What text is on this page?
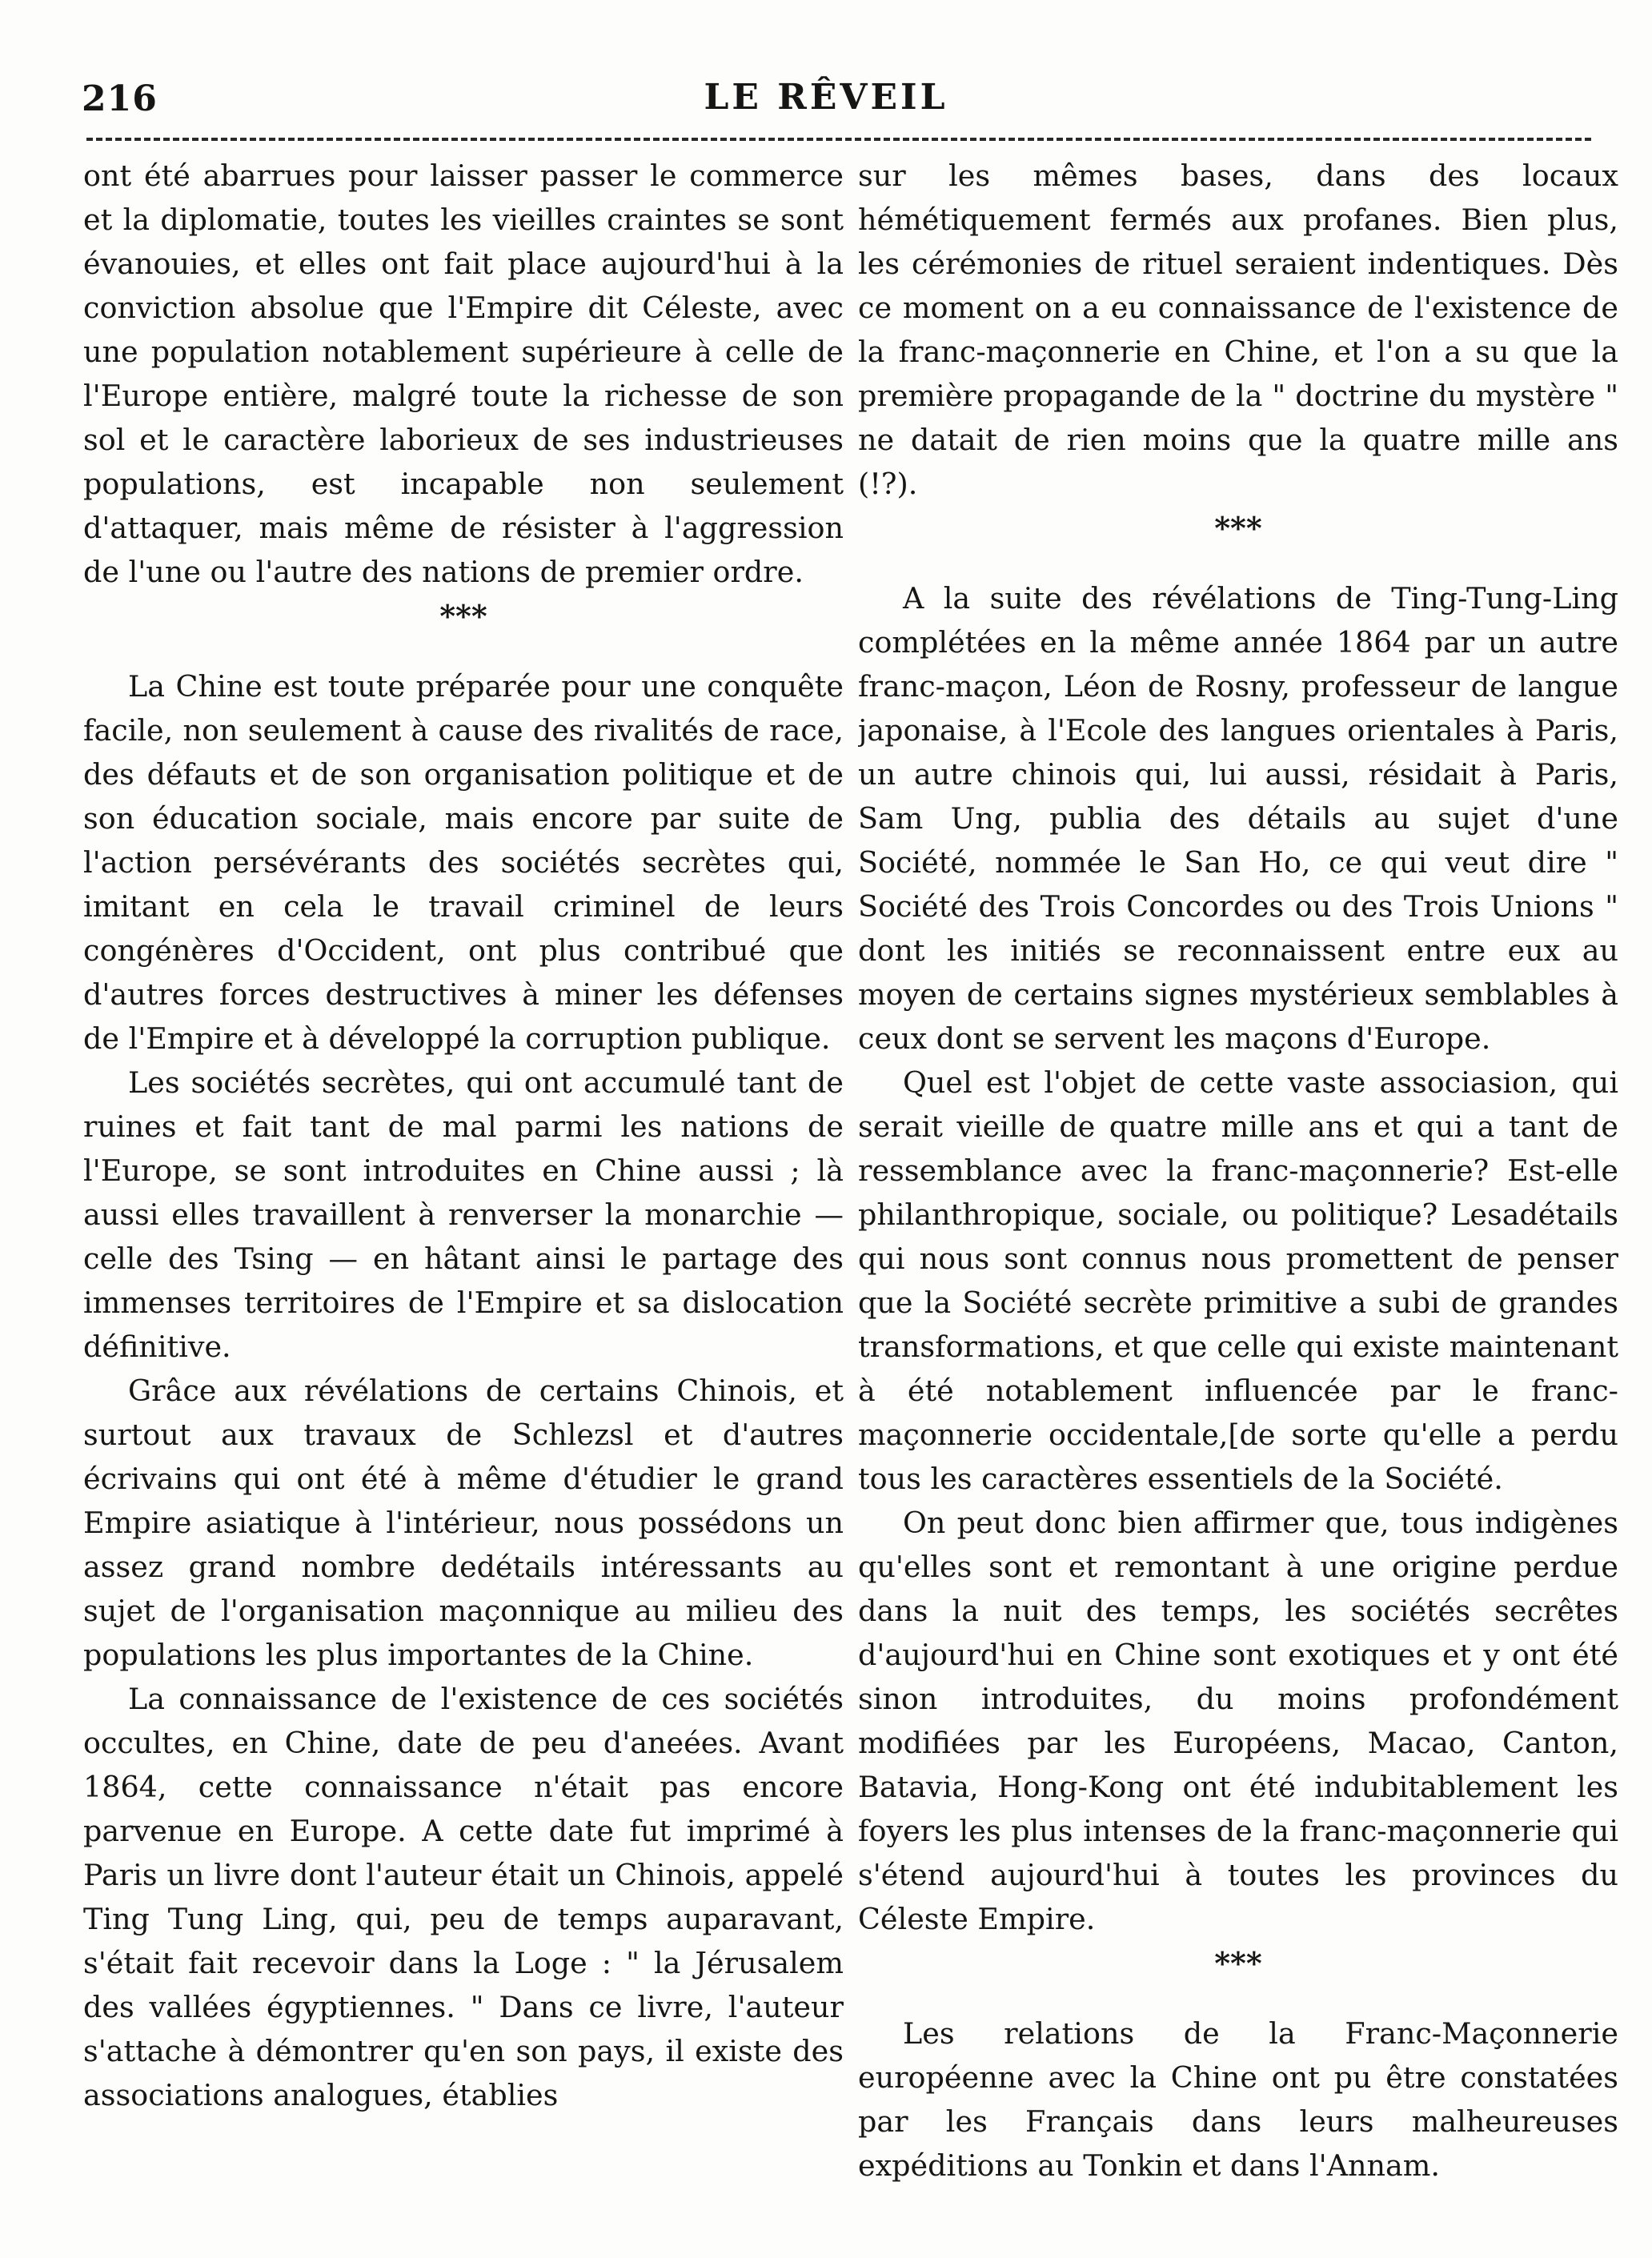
216	LE RÊVEIL

ont été abarrues pour laisser passer le commerce et la diplomatie, toutes les vieilles craintes se sont évanouies, et elles ont fait place aujourd'hui à la conviction absolue que l'Empire dit Céleste, avec une population notablement supérieure à celle de l'Europe entière, malgré toute la richesse de son sol et le caractère laborieux de ses industrieuses populations, est incapable non seulement d'attaquer, mais même de résister à l'aggression de l'une ou l'autre des nations de premier ordre.

***

La Chine est toute préparée pour une conquête facile, non seulement à cause des rivalités de race, des défauts et de son organisation politique et de son éducation sociale, mais encore par suite de l'action persévérants des sociétés secrètes qui, imitant en cela le travail criminel de leurs congénères d'Occident, ont plus contribué que d'autres forces destructives à miner les défenses de l'Empire et à développé la corruption publique.

Les sociétés secrètes, qui ont accumulé tant de ruines et fait tant de mal parmi les nations de l'Europe, se sont introduites en Chine aussi ; là aussi elles travaillent à renverser la monarchie — celle des Tsing — en hâtant ainsi le partage des immenses territoires de l'Empire et sa dislocation définitive.

Grâce aux révélations de certains Chinois, et surtout aux travaux de Schlezsl et d'autres écrivains qui ont été à même d'étudier le grand Empire asiatique à l'intérieur, nous possédons un assez grand nombre dedétails intéressants au sujet de l'organisation maçonnique au milieu des populations les plus importantes de la Chine.

La connaissance de l'existence de ces sociétés occultes, en Chine, date de peu d'aneées. Avant 1864, cette connaissance n'était pas encore parvenue en Europe. A cette date fut imprimé à Paris un livre dont l'auteur était un Chinois, appelé Ting Tung Ling, qui, peu de temps auparavant, s'était fait recevoir dans la Loge : " la Jérusalem des vallées égyptiennes. " Dans ce livre, l'auteur s'attache à démontrer qu'en son pays, il existe des associations analogues, établies

sur les mêmes bases, dans des locaux hémétiquement fermés aux profanes. Bien plus, les cérémonies de rituel seraient indentiques. Dès ce moment on a eu connaissance de l'existence de la franc-maçonnerie en Chine, et l'on a su que la première propagande de la " doctrine du mystère " ne datait de rien moins que la quatre mille ans (!?).

***

A la suite des révélations de Ting-Tung-Ling complétées en la même année 1864 par un autre franc-maçon, Léon de Rosny, professeur de langue japonaise, à l'Ecole des langues orientales à Paris, un autre chinois qui, lui aussi, résidait à Paris, Sam Ung, publia des détails au sujet d'une Société, nommée le San Ho, ce qui veut dire " Société des Trois Concordes ou des Trois Unions " dont les initiés se reconnaissent entre eux au moyen de certains signes mystérieux semblables à ceux dont se servent les maçons d'Europe.

Quel est l'objet de cette vaste associasion, qui serait vieille de quatre mille ans et qui a tant de ressemblance avec la franc-maçonnerie? Est-elle philanthropique, sociale, ou politique? Lesadétails qui nous sont connus nous promettent de penser que la Société secrète primitive a subi de grandes transformations, et que celle qui existe maintenant à été notablement influencée par le franc-maçonnerie occidentale,[de sorte qu'elle a perdu tous les caractères essentiels de la Société.

On peut donc bien affirmer que, tous indigènes qu'elles sont et remontant à une origine perdue dans la nuit des temps, les sociétés secrêtes d'aujourd'hui en Chine sont exotiques et y ont été sinon introduites, du moins profondément modifiées par les Européens, Macao, Canton, Batavia, Hong-Kong ont été indubitablement les foyers les plus intenses de la franc-maçonnerie qui s'étend aujourd'hui à toutes les provinces du Céleste Empire.

***

Les relations de la Franc-Maçonnerie européenne avec la Chine ont pu être constatées par les Français dans leurs malheureuses expéditions au Tonkin et dans l'Annam.
